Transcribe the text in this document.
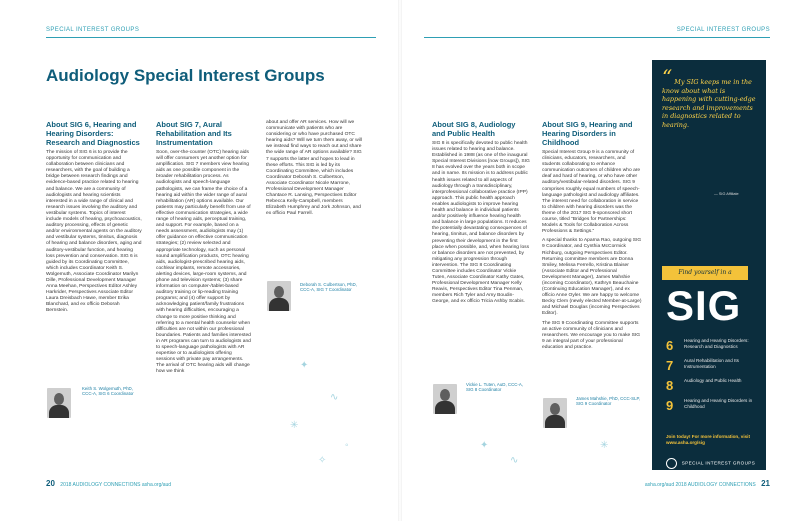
SPECIAL INTEREST GROUPS
Audiology Special Interest Groups
About SIG 6, Hearing and Hearing Disorders: Research and Diagnostics

The mission of SIG 6 is to provide the opportunity for communication and collaboration between clinicians and researchers, with the goal of building a bridge between research findings and evidence-based practice related to hearing and balance. We are a community of audiologists and hearing scientists interested in a wide range of clinical and research issues involving the auditory and vestibular systems. Topics of interest include models of hearing, psychoacoustics, auditory processing, effects of genetic and/or environmental agents on the auditory and vestibular systems, tinnitus, diagnosis of hearing and balance disorders, aging and auditory-vestibular function, and hearing loss prevention and conservation. SIG 6 is guided by its Coordinating Committee, which includes Coordinator Keith S. Wolgemuth, Associate Coordinator Marilyn Dille, Professional Development Manager Anna Meehan, Perspectives Editor Ashley Harkrider, Perspectives Associate Editor Laura Dreisbach Hawe, member Erika Blanchard, and ex officio Deborah Bernstein.

Keith S. Wolgemuth, PhD, CCC-A, SIG 6 Coordinator
About SIG 7, Aural Rehabilitation and Its Instrumentation

Soon, over-the-counter (OTC) hearing aids will offer consumers yet another option for amplification. SIG 7 members view hearing aids as one possible component in the broader rehabilitation process. As audiologists and speech-language pathologists, we can frame the choice of a hearing aid within the wider range of aural rehabilitation (AR) options available. Our patients may particularly benefit from use of effective communication strategies, a wide range of hearing aids, perceptual training, and support. For example, based on a needs assessment, audiologists may (1) offer guidance on effective communication strategies; (2) review selected and appropriate technology, such as personal sound amplification products, OTC hearing aids, audiologist-prescribed hearing aids, cochlear implants, remote accessories, alerting devices, large-room systems, and phone and television systems; (3) share information on computer-/tablet-based auditory training or lip-reading training programs; and (4) offer support by acknowledging patient/family frustrations with hearing difficulties, encouraging a change to more positive thinking and referring to a mental health counselor when difficulties are not within our professional boundaries. Patients and families interested in AR programs can turn to audiologists and to speech-language pathologists with AR expertise or to audiologists offering sessions with private pay arrangements. The arrival of OTC hearing aids will change how we think

about and offer AR services. How will we communicate with patients who are considering or who have purchased OTC hearing aids? Will we turn them away, or will we instead find ways to reach out and share the wide range of AR options available? SIG 7 supports the latter and hopes to lead in these efforts. This SIG is led by its Coordinating Committee, which includes Coordinator Deborah S. Culbertson, Associate Coordinator Nicole Marrone, Professional Development Manager Chantace R. Lansing, Perspectives Editor Rebecca Kelly-Campbell, members Elizabeth Humphrey and Jork Johnson, and ex officio Paul Farrell.

Deborah S. Culbertson, PhD, CCC-A, SIG 7 Coordinator
✦
∿
✳
◦
✧
20 2018 AUDIOLOGY CONNECTIONS asha.org/aud
SPECIAL INTEREST GROUPS
About SIG 8, Audiology and Public Health

SIG 8 is specifically devoted to public health issues related to hearing and balance. Established in 1988 (as one of the inaugural Special Interest Divisions [now Groups]), SIG 8 has evolved over the years both in scope and in name. Its mission is to address public health issues related to all aspects of audiology through a transdisciplinary, interprofessional collaborative practice (IPP) approach. This public health approach enables audiologists to improve hearing health and balance in individual patients and/or positively influence hearing health and balance in large populations. It reduces the potentially devastating consequences of hearing, tinnitus, and balance disorders by preventing their development in the first place when possible, and, when hearing loss or balance disorders are not prevented, by mitigating any progression through intervention. The SIG 8 Coordinating Committee includes Coordinator Vickie Tuten, Associate Coordinator Kathy Gates, Professional Development Manager Kelly Reavis, Perspectives Editor Tina Penman, members Rich Tyler and Amy Boudin-George, and ex officio Tricia Ashby Scabis.

Vickie L. Tuten, AuD, CCC-A, SIG 8 Coordinator
About SIG 9, Hearing and Hearing Disorders in Childhood

Special Interest Group 9 is a community of clinicians, educators, researchers, and students collaborating to enhance communication outcomes of children who are deaf and hard of hearing, or who have other auditory/vestibular-related disorders. SIG 9 comprises roughly equal numbers of speech-language pathologist and audiology affiliates. The interest need for collaboration in service to children with hearing disorders was the theme of the 2017 SIG 9-sponsored short course, titled “Bridges for Partnerships: Models & Tools for Collaboration Across Professions & Settings.”

A special thanks to Aparna Rao, outgoing SIG 9 Coordinator, and Cynthia McCormick Richburg, outgoing Perspectives Editor. Returning committee members are Donna Smiley, Melissa Ferrello, Kristina Blaiser (Associate Editor and Professional Development Manager), James Mahshie (incoming Coordinator), Kathryn Beauchaine (Continuing Education Manager), and ex officio Anne Oyler. We are happy to welcome Becky Clem (newly elected Member-at-Large) and Michael Douglas (incoming Perspectives Editor).

The SIG 9 Coordinating Committee supports an active community of clinicians and researchers. We encourage you to make SIG 9 an integral part of your professional education and practice.

James Mahshie, PhD, CCC-SLP, SIG 9 Coordinator
✦
∿
✳
“ My SIG keeps me in the know about what is happening with cutting-edge research and improvements in diagnostics related to hearing.
— SIG Affiliate
Find yourself in a
SIG
6 Hearing and Hearing Disorders: Research and Diagnostics
7 Aural Rehabilitation and Its Instrumentation
8 Audiology and Public Health
9 Hearing and Hearing Disorders in Childhood
Join today! For more information, visit www.asha.org/sig
SPECIAL INTEREST GROUPS
asha.org/aud 2018 AUDIOLOGY CONNECTIONS 21
